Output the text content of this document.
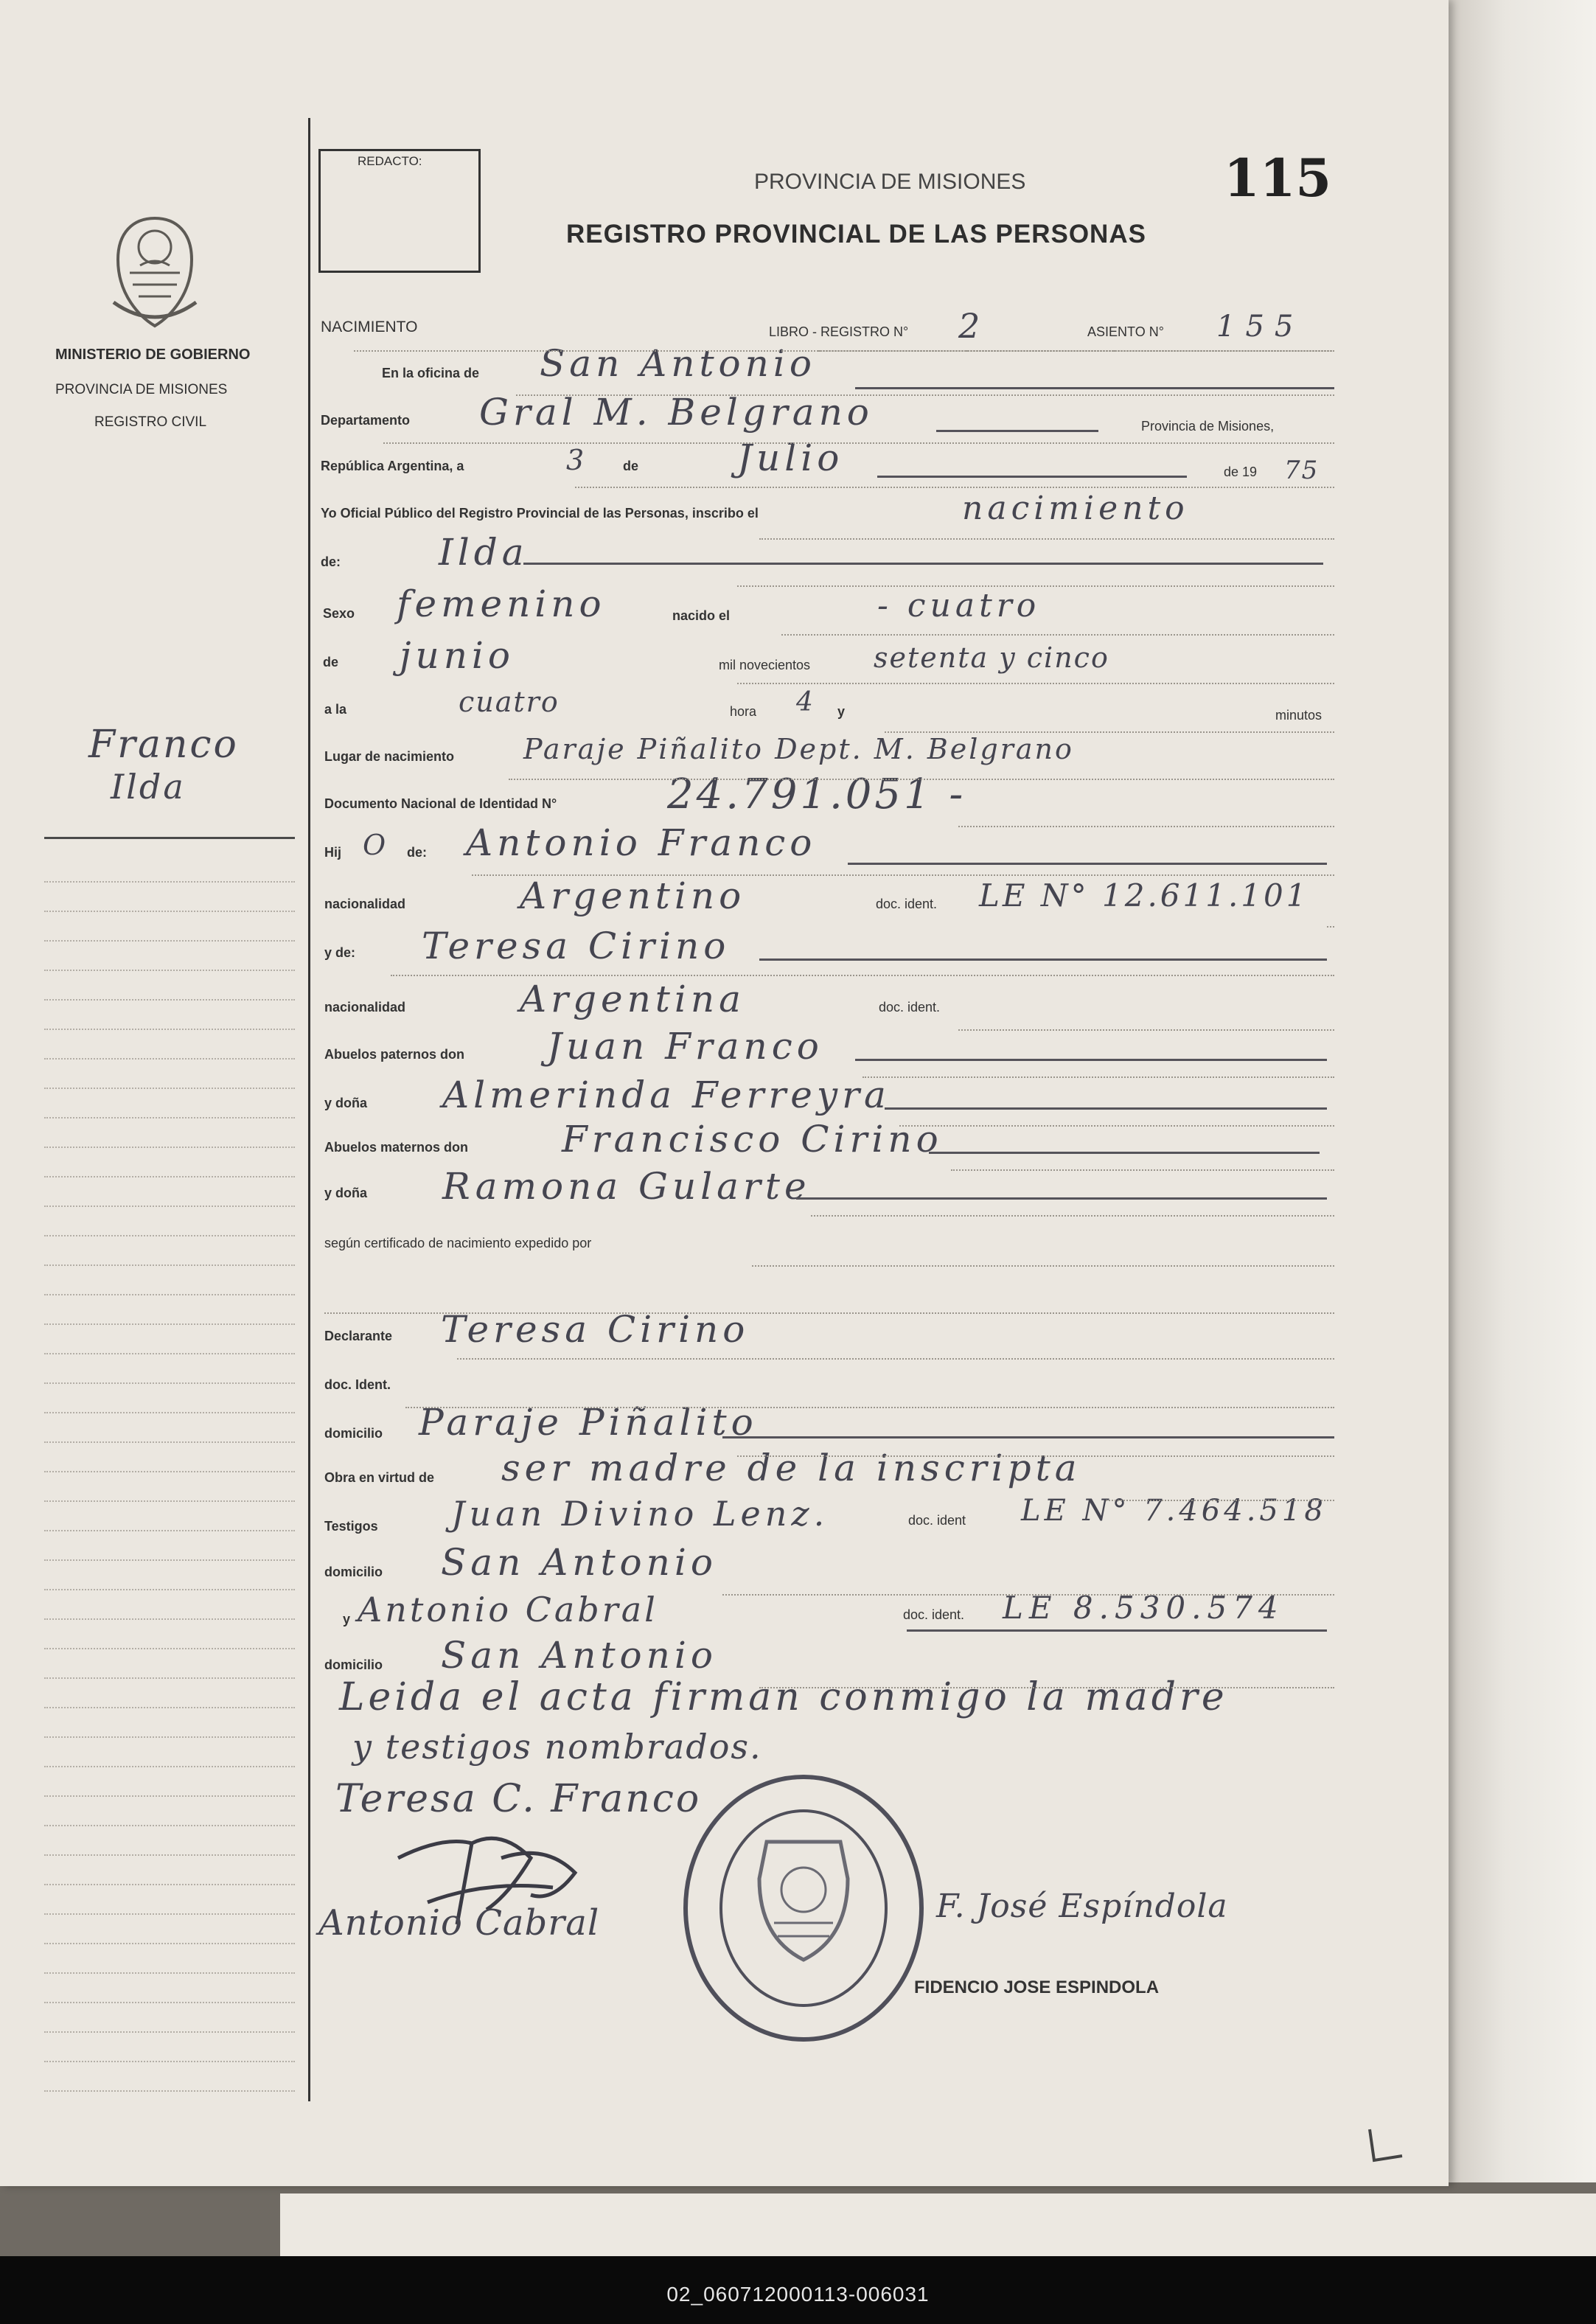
02_060712000113-006031
MINISTERIO DE GOBIERNO
PROVINCIA DE MISIONES
REGISTRO CIVIL
Franco
Ilda
REDACTO:
PROVINCIA DE MISIONES
REGISTRO PROVINCIAL DE LAS PERSONAS
115
NACIMIENTO	LIBRO - REGISTRO N° 2	ASIENTO N° 155
En la oficina de San Antonio
Departamento Gral M. Belgrano	Provincia de Misiones,
República Argentina, a	3	de	Julio	de 19 75
Yo Oficial Público del Registro Provincial de las Personas, inscribo el	nacimiento
de:	Ilda
Sexo femenino	nacido el	- cuatro
de junio	mil novecientos setenta y cinco
a la	cuatro	hora 4 y	minutos
Lugar de nacimiento Paraje Piñalito Dept. M. Belgrano
Documento Nacional de Identidad N°	24.791.051 -
Hij O de: Antonio Franco
nacionalidad	Argentino	doc. ident. LE N° 12.611.101
y de: Teresa Cirino
nacionalidad	Argentina	doc. ident.
Abuelos paternos don Juan Franco
y doña Almerinda Ferreyra
Abuelos maternos don	Francisco Cirino
y doña Ramona Gularte
según certificado de nacimiento expedido por
Declarante Teresa Cirino
doc. Ident.
domicilio Paraje Piñalito
Obra en virtud de ser madre de la inscripta
Testigos Juan Divino Lenz.	doc. ident LE N° 7.464.518
domicilio San Antonio
y Antonio Cabral	doc. ident. LE 8.530.574
domicilio San Antonio
Leida el acta firman conmigo la madre
y testigos nombrados.
Teresa C. Franco
Antonio Cabral	F. José Espíndola
FIDENCIO JOSE ESPINDOLA
